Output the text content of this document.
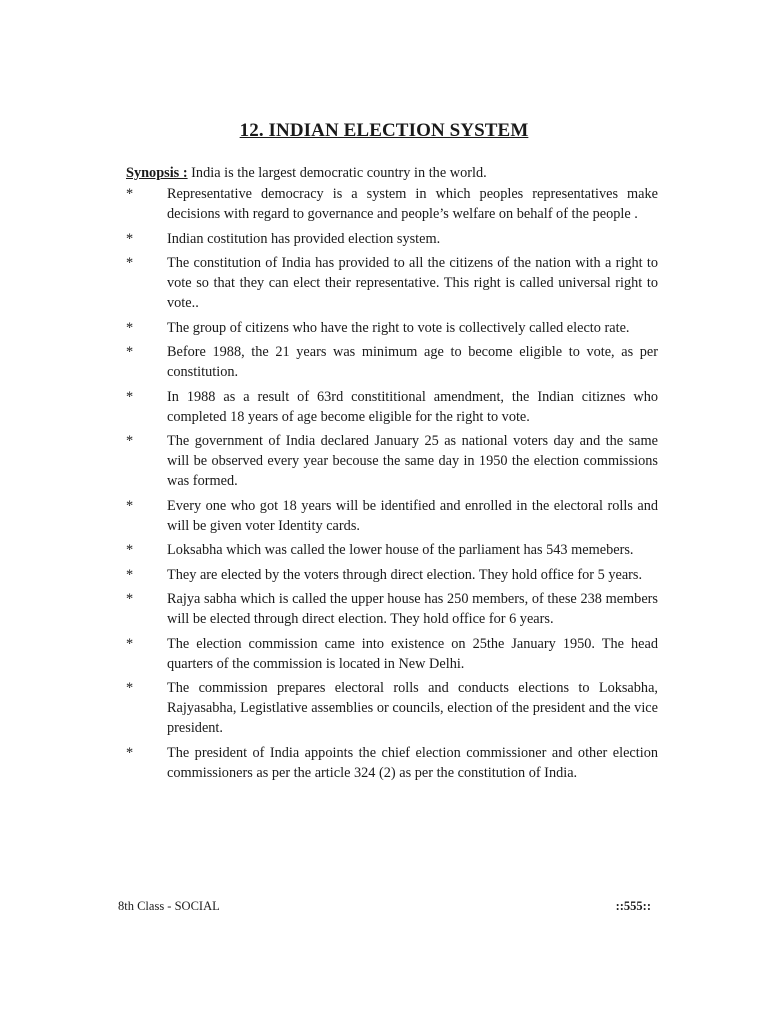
12. INDIAN ELECTION SYSTEM
Synopsis : India is the largest democratic country in the world.
* Representative democracy is a system in which peoples representatives make decisions with regard to governance and people’s welfare on behalf of the people .
* Indian costitution has provided election system.
* The constitution of India has provided to all the citizens of the nation with a right to vote so that they can elect their representative. This right is called universal right to vote..
* The group of citizens who have the right to vote is collectively called electo rate.
* Before 1988, the 21 years was minimum age to become eligible to vote, as per constitution.
* In 1988 as a result of 63rd constititional amendment, the Indian citiznes who completed 18 years of age become eligible for the right to vote.
* The government of India declared January 25 as national voters day and the same will be observed every year becouse the same day in 1950 the election commissions was formed.
* Every one who got 18 years will be identified and enrolled in the electoral rolls and will be given voter Identity cards.
* Loksabha which was called the lower house of the parliament has 543 memebers.
* They are elected by the voters through direct election. They hold office for 5 years.
* Rajya sabha which is called the upper house has 250 members, of these 238 members will be elected through direct election. They hold office for 6 years.
* The election commission came into existence on 25the January 1950. The head quarters of the commission is located in New Delhi.
* The commission prepares electoral rolls and conducts elections to Loksabha, Rajyasabha, Legistlative assemblies or councils, election of the president and the vice president.
* The president of India appoints the chief election commissioner and other election commissioners as per the article 324 (2) as per the constitution of India.
8th Class - SOCIAL	::555::
